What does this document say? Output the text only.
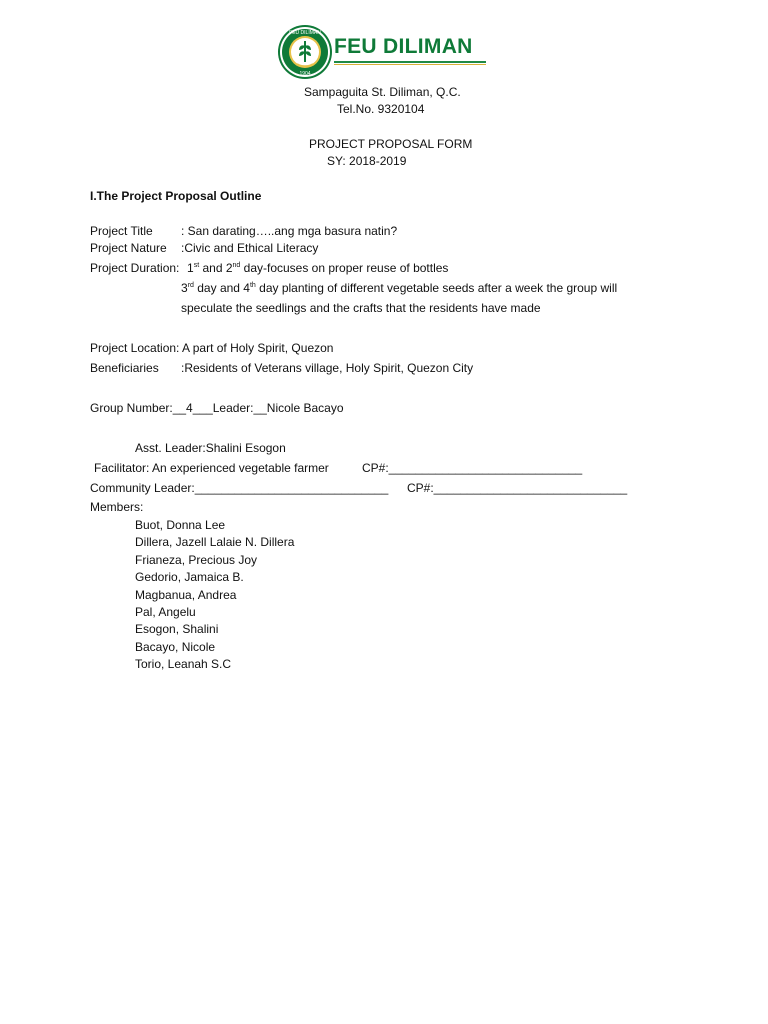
FEU DILIMAN
1904
FEU DILIMAN
Sampaguita St. Diliman, Q.C.
Tel.No. 9320104
PROJECT PROPOSAL FORM
SY: 2018-2019
I.The Project Proposal Outline
Project Title : San darating…..ang mga basura natin?
Project Nature :Civic and Ethical Literacy
Project Duration: 1st and 2nd day-focuses on proper reuse of bottles
3rd day and 4th day planting of different vegetable seeds after a week the group will
speculate the seedlings and the crafts that the residents have made
Project Location: A part of Holy Spirit, Quezon
Beneficiaries :Residents of Veterans village, Holy Spirit, Quezon City
Group Number:__4___Leader:__Nicole Bacayo
Asst. Leader:Shalini Esogon
Facilitator: An experienced vegetable farmer	CP#:_____________________________
Community Leader:_____________________________ CP#:_____________________________
Members:
Buot, Donna Lee
Dillera, Jazell Lalaie N. Dillera
Frianeza, Precious Joy
Gedorio, Jamaica B.
Magbanua, Andrea
Pal, Angelu
Esogon, Shalini
Bacayo, Nicole
Torio, Leanah S.C
